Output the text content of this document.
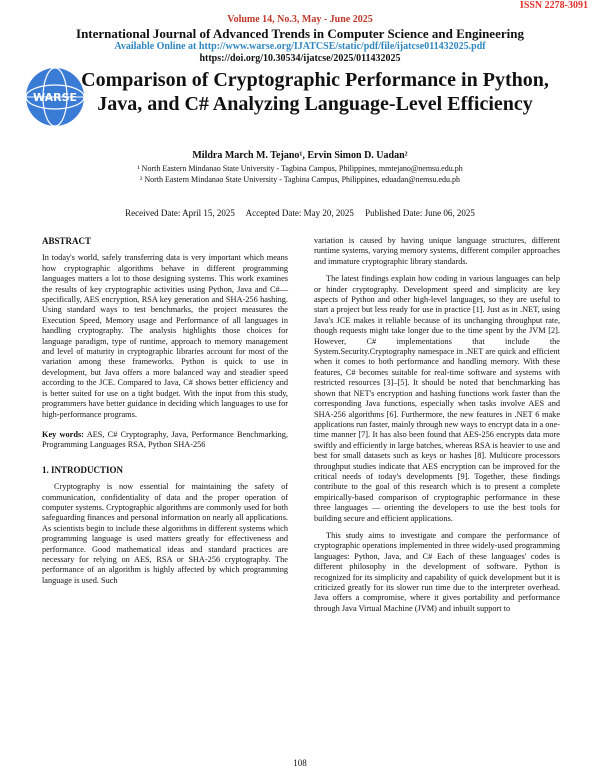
ISSN 2278-3091
Volume 14, No.3, May - June 2025
International Journal of Advanced Trends in Computer Science and Engineering
Available Online at http://www.warse.org/IJATCSE/static/pdf/file/ijatcse011432025.pdf
https://doi.org/10.30534/ijatcse/2025/011432025
WARSE
Comparison of Cryptographic Performance in Python, Java, and C# Analyzing Language-Level Efficiency
Mildra March M. Tejano¹, Ervin Simon D. Uadan²
¹ North Eastern Mindanao State University - Tagbina Campus, Philippines, mmtejano@nemsu.edu.ph
² North Eastern Mindanao State University - Tagbina Campus, Philippines, eduadan@nemsu.edu.ph
Received Date: April 15, 2025     Accepted Date: May 20, 2025     Published Date: June 06, 2025

ABSTRACT

In today's world, safely transferring data is very important which means how cryptographic algorithms behave in different programming languages matters a lot to those designing systems. This work examines the results of key cryptographic activities using Python, Java and C#—specifically, AES encryption, RSA key generation and SHA-256 hashing. Using standard ways to test benchmarks, the project measures the Execution Speed, Memory usage and Performance of all languages in handling cryptography. The analysis highlights those choices for language paradigm, type of runtime, approach to memory management and level of maturity in cryptographic libraries account for most of the variation among these frameworks. Python is quick to use in development, but Java offers a more balanced way and steadier speed according to the JCE. Compared to Java, C# shows better efficiency and is better suited for use on a tight budget. With the input from this study, programmers have better guidance in deciding which languages to use for high-performance programs.

Key words: AES, C# Cryptography, Java, Performance Benchmarking, Programming Languages RSA, Python SHA-256

1. INTRODUCTION

Cryptography is now essential for maintaining the safety of communication, confidentiality of data and the proper operation of computer systems. Cryptographic algorithms are commonly used for both safeguarding finances and personal information on nearly all applications. As scientists begin to include these algorithms in different systems which programming language is used matters greatly for effectiveness and performance. Good mathematical ideas and standard practices are necessary for relying on AES, RSA or SHA-256 cryptography. The performance of an algorithm is highly affected by which programming language is used. Such

variation is caused by having unique language structures, different runtime systems, varying memory systems, different compiler approaches and immature cryptographic library standards.

The latest findings explain how coding in various languages can help or hinder cryptography. Development speed and simplicity are key aspects of Python and other high-level languages, so they are useful to start a project but less ready for use in practice [1]. Just as in .NET, using Java's JCE makes it reliable because of its unchanging throughput rate, though requests might take longer due to the time spent by the JVM [2]. However, C# implementations that include the System.Security.Cryptography namespace in .NET are quick and efficient when it comes to both performance and handling memory. With these features, C# becomes suitable for real-time software and systems with restricted resources [3]–[5]. It should be noted that benchmarking has shown that NET's encryption and hashing functions work faster than the corresponding Java functions, especially when tasks involve AES and SHA-256 algorithms [6]. Furthermore, the new features in .NET 6 make applications run faster, mainly through new ways to encrypt data in a one-time manner [7]. It has also been found that AES-256 encrypts data more swiftly and efficiently in large batches, whereas RSA is heavier to use and best for small datasets such as keys or hashes [8]. Multicore processors throughput studies indicate that AES encryption can be improved for the critical needs of today's developments [9]. Together, these findings contribute to the goal of this research which is to present a complete empirically-based comparison of cryptographic performance in these three languages — orienting the developers to use the best tools for building secure and efficient applications.

This study aims to investigate and compare the performance of cryptographic operations implemented in three widely-used programming languages: Python, Java, and C# Each of these languages' codes is different philosophy in the development of software. Python is recognized for its simplicity and capability of quick development but it is criticized greatly for its slower run time due to the interpreter overhead. Java offers a compromise, where it gives portability and performance through Java Virtual Machine (JVM) and inbuilt support to

108
